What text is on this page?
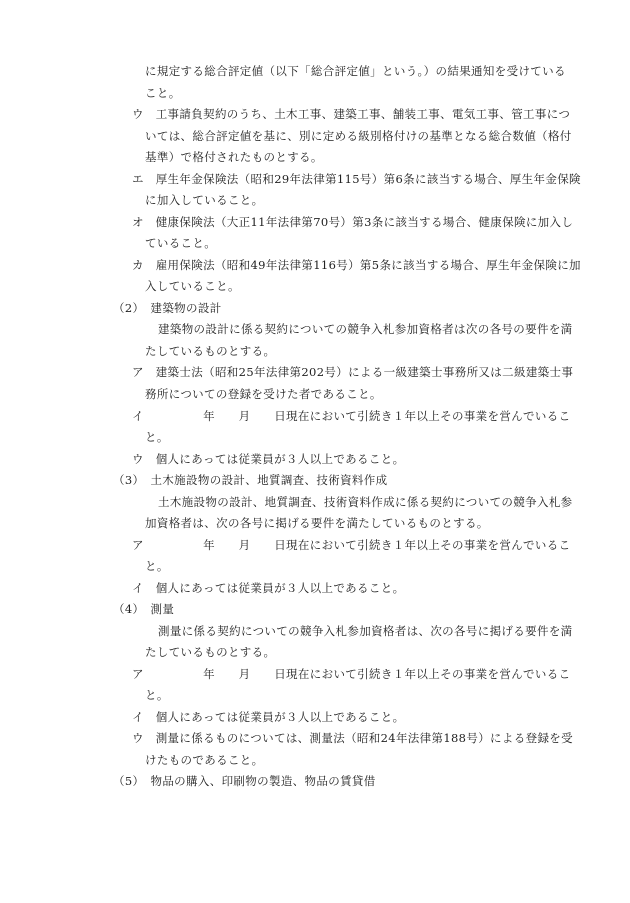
に規定する総合評定値（以下「総合評定値」という。）の結果通知を受けている
こと。
ウ　工事請負契約のうち、土木工事、建築工事、舗装工事、電気工事、管工事につ
いては、総合評定値を基に、別に定める級別格付けの基準となる総合数値（格付
基準）で格付されたものとする。
エ　厚生年金保険法（昭和29年法律第115号）第6条に該当する場合、厚生年金保険
に加入していること。
オ　健康保険法（大正11年法律第70号）第3条に該当する場合、健康保険に加入し
ていること。
カ　雇用保険法（昭和49年法律第116号）第5条に該当する場合、厚生年金保険に加
入していること。
（2）　建築物の設計
建築物の設計に係る契約についての競争入札参加資格者は次の各号の要件を満
たしているものとする。
ア　建築士法（昭和25年法律第202号）による一級建築士事務所又は二級建築士事
務所についての登録を受けた者であること。
イ　　　　　年　　月　　日現在において引続き１年以上その事業を営んでいるこ
と。
ウ　個人にあっては従業員が３人以上であること。
（3）　土木施設物の設計、地質調査、技術資料作成
土木施設物の設計、地質調査、技術資料作成に係る契約についての競争入札参
加資格者は、次の各号に掲げる要件を満たしているものとする。
ア　　　　　年　　月　　日現在において引続き１年以上その事業を営んでいるこ
と。
イ　個人にあっては従業員が３人以上であること。
（4）　測量
測量に係る契約についての競争入札参加資格者は、次の各号に掲げる要件を満
たしているものとする。
ア　　　　　年　　月　　日現在において引続き１年以上その事業を営んでいるこ
と。
イ　個人にあっては従業員が３人以上であること。
ウ　測量に係るものについては、測量法（昭和24年法律第188号）による登録を受
けたものであること。
（5）　物品の購入、印刷物の製造、物品の賃貸借
